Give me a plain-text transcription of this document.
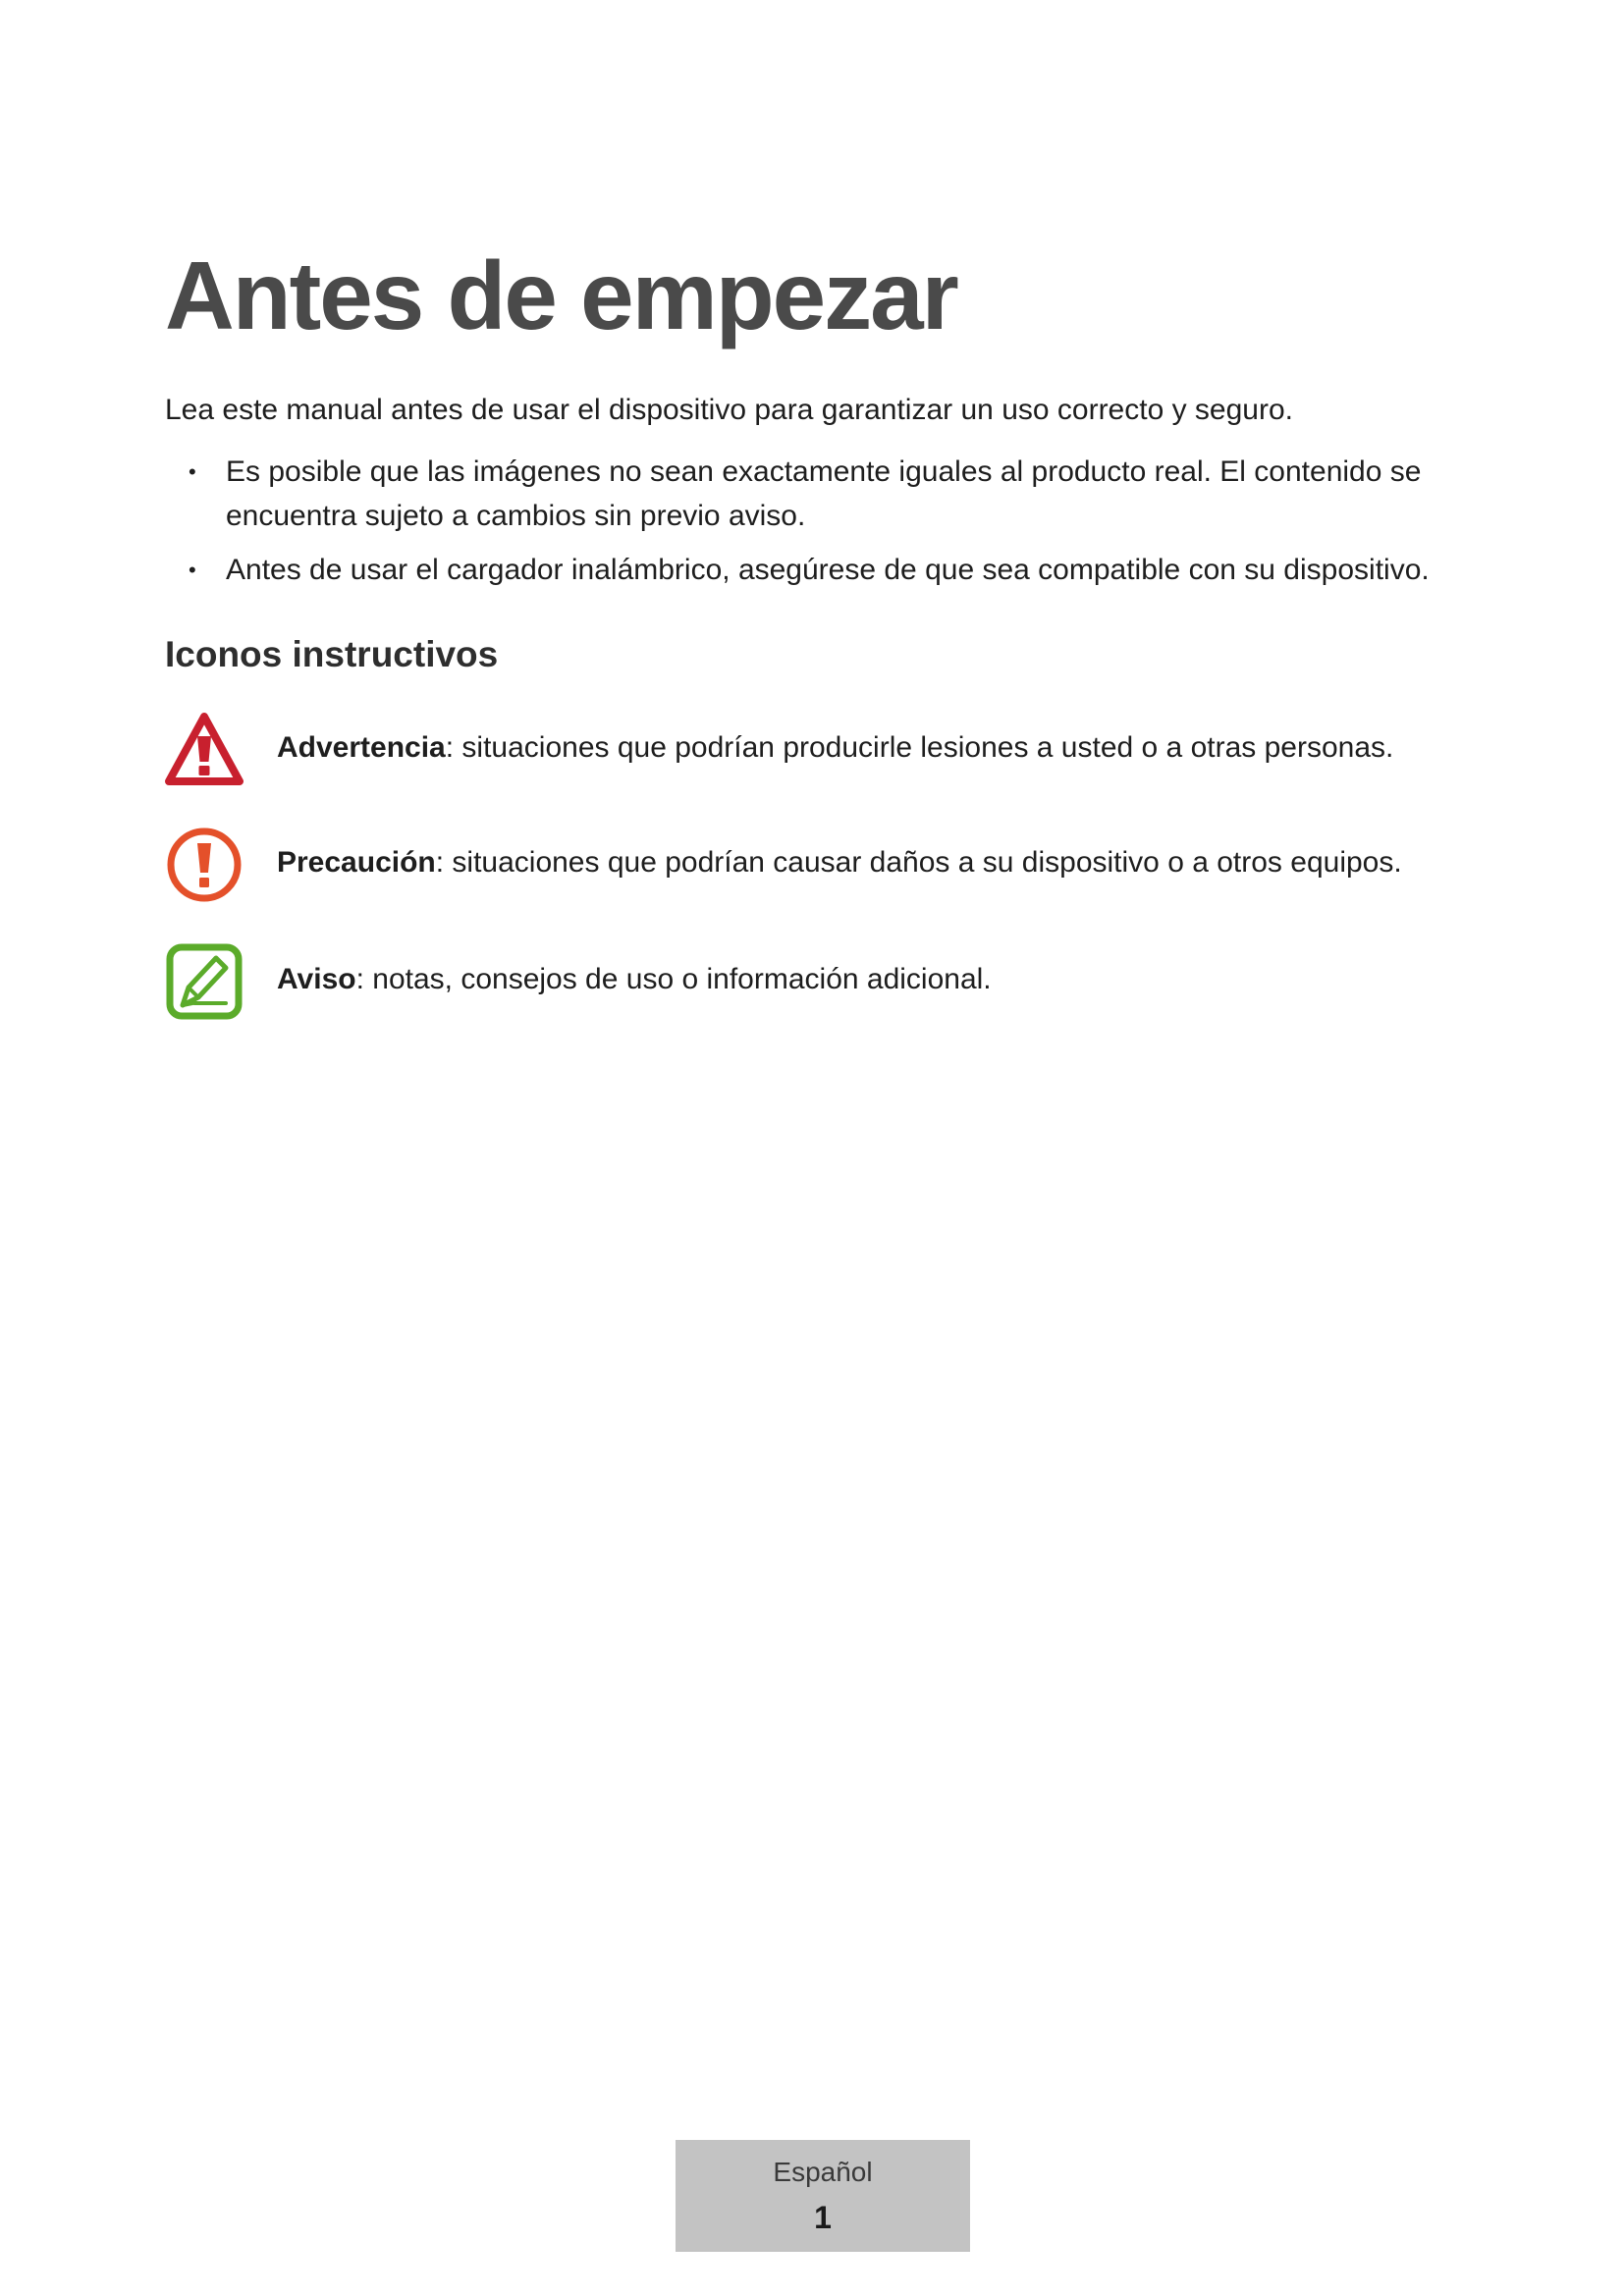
Antes de empezar

Lea este manual antes de usar el dispositivo para garantizar un uso correcto y seguro.

• Es posible que las imágenes no sean exactamente iguales al producto real. El contenido se encuentra sujeto a cambios sin previo aviso.
• Antes de usar el cargador inalámbrico, asegúrese de que sea compatible con su dispositivo.
Iconos instructivos
Advertencia: situaciones que podrían producirle lesiones a usted o a otras personas.
Precaución: situaciones que podrían causar daños a su dispositivo o a otros equipos.
Aviso: notas, consejos de uso o información adicional.
Español
1
